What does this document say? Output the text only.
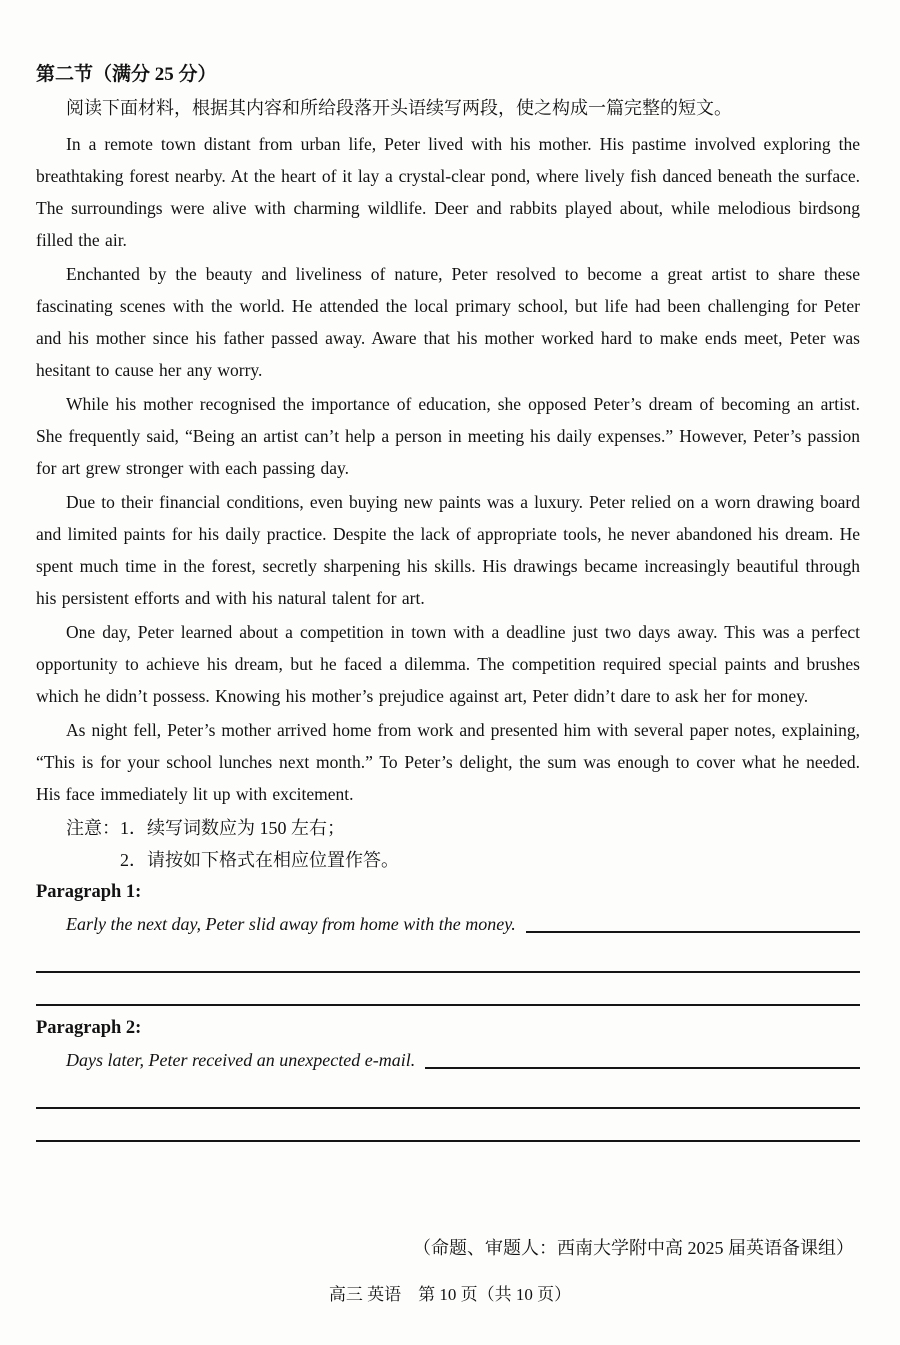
第二节（满分 25 分）

阅读下面材料，根据其内容和所给段落开头语续写两段，使之构成一篇完整的短文。

In a remote town distant from urban life, Peter lived with his mother. His pastime involved exploring the breathtaking forest nearby. At the heart of it lay a crystal-clear pond, where lively fish danced beneath the surface. The surroundings were alive with charming wildlife. Deer and rabbits played about, while melodious birdsong filled the air.

Enchanted by the beauty and liveliness of nature, Peter resolved to become a great artist to share these fascinating scenes with the world. He attended the local primary school, but life had been challenging for Peter and his mother since his father passed away. Aware that his mother worked hard to make ends meet, Peter was hesitant to cause her any worry.

While his mother recognised the importance of education, she opposed Peter’s dream of becoming an artist. She frequently said, “Being an artist can’t help a person in meeting his daily expenses.” However, Peter’s passion for art grew stronger with each passing day.

Due to their financial conditions, even buying new paints was a luxury. Peter relied on a worn drawing board and limited paints for his daily practice. Despite the lack of appropriate tools, he never abandoned his dream. He spent much time in the forest, secretly sharpening his skills. His drawings became increasingly beautiful through his persistent efforts and with his natural talent for art.

One day, Peter learned about a competition in town with a deadline just two days away. This was a perfect opportunity to achieve his dream, but he faced a dilemma. The competition required special paints and brushes which he didn’t possess. Knowing his mother’s prejudice against art, Peter didn’t dare to ask her for money.

As night fell, Peter’s mother arrived home from work and presented him with several paper notes, explaining, “This is for your school lunches next month.” To Peter’s delight, the sum was enough to cover what he needed. His face immediately lit up with excitement.

注意：1．续写词数应为 150 左右；

2．请按如下格式在相应位置作答。

Paragraph 1:
Early the next day, Peter slid away from home with the money.
Paragraph 2:
Days later, Peter received an unexpected e-mail.

（命题、审题人：西南大学附中高 2025 届英语备课组）

高三 英语　第 10 页（共 10 页）
